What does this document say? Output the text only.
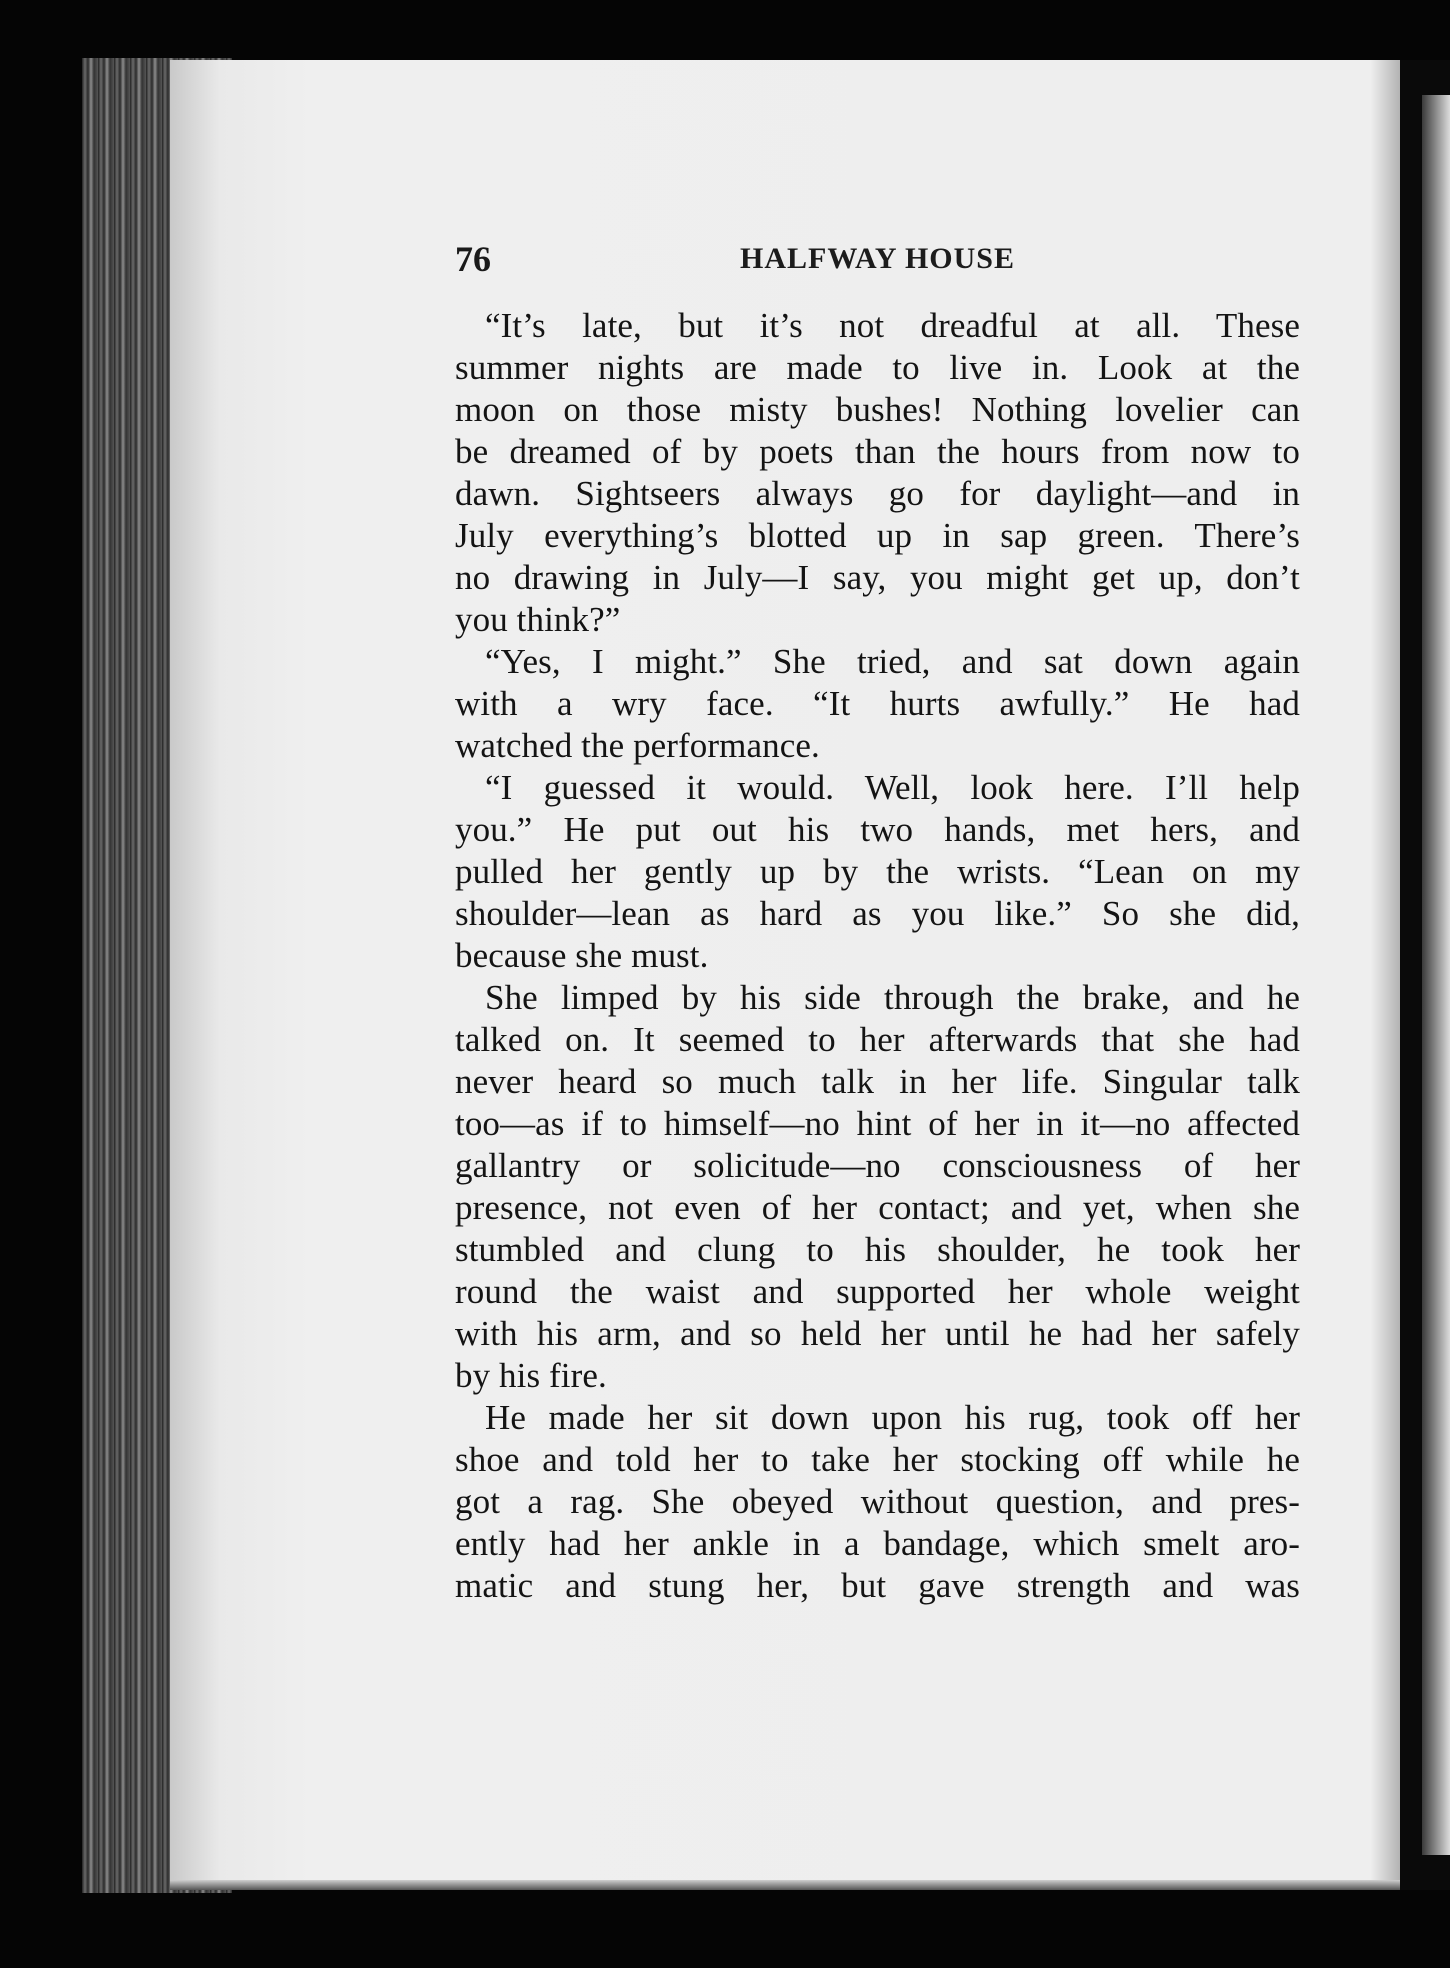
76	HALFWAY HOUSE
“It’s late, but it’s not dreadful at all. These
summer nights are made to live in. Look at the
moon on those misty bushes! Nothing lovelier can
be dreamed of by poets than the hours from now to
dawn. Sightseers always go for daylight—and in
July everything’s blotted up in sap green. There’s
no drawing in July—I say, you might get up, don’t
you think?”
“Yes, I might.” She tried, and sat down again
with a wry face. “It hurts awfully.” He had
watched the performance.
“I guessed it would. Well, look here. I’ll help
you.” He put out his two hands, met hers, and
pulled her gently up by the wrists. “Lean on my
shoulder—lean as hard as you like.” So she did,
because she must.
She limped by his side through the brake, and he
talked on. It seemed to her afterwards that she had
never heard so much talk in her life. Singular talk
too—as if to himself—no hint of her in it—no affected
gallantry or solicitude—no consciousness of her
presence, not even of her contact; and yet, when she
stumbled and clung to his shoulder, he took her
round the waist and supported her whole weight
with his arm, and so held her until he had her safely
by his fire.
He made her sit down upon his rug, took off her
shoe and told her to take her stocking off while he
got a rag. She obeyed without question, and pres-
ently had her ankle in a bandage, which smelt aro-
matic and stung her, but gave strength and was
